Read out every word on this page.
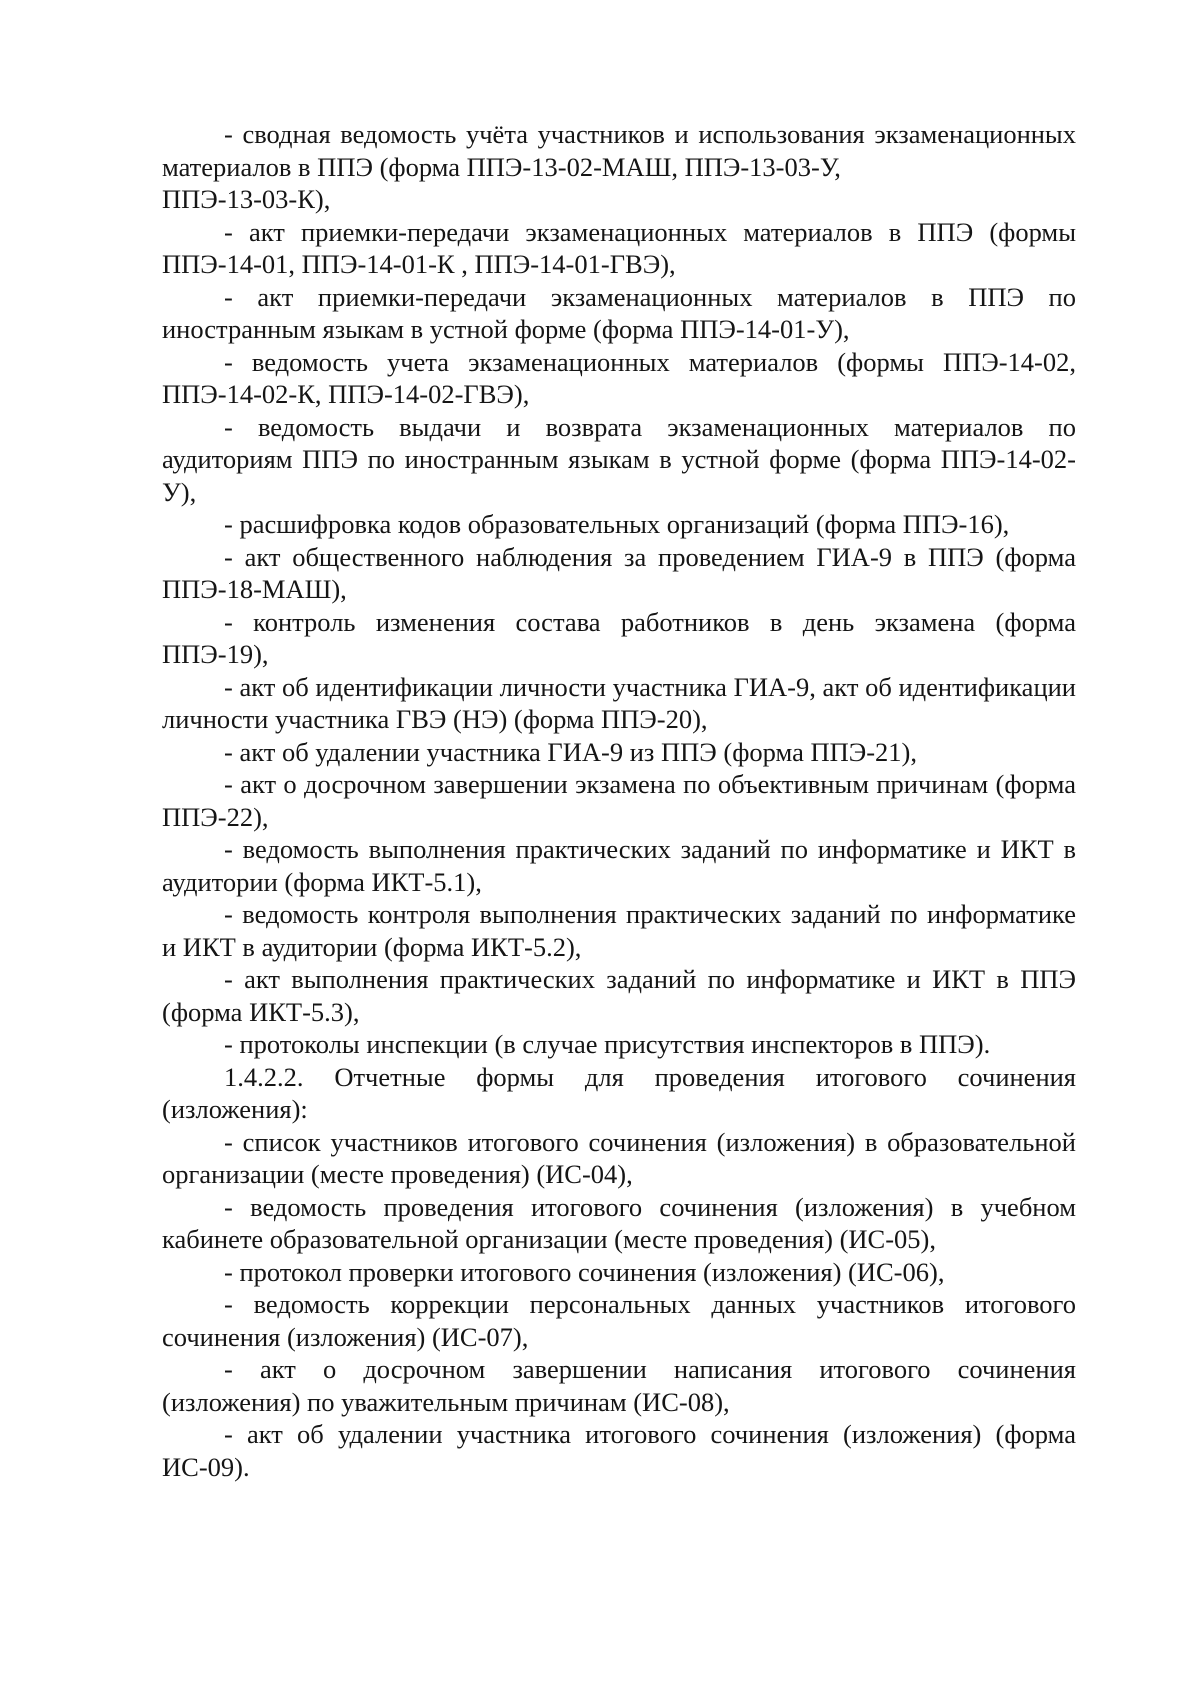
- сводная ведомость учёта участников и использования экзаменационных материалов в ППЭ (форма ППЭ-13-02-МАШ, ППЭ-13-03-У,

ППЭ-13-03-К),

- акт приемки-передачи экзаменационных материалов в ППЭ (формы ППЭ-14-01, ППЭ-14-01-К , ППЭ-14-01-ГВЭ),

- акт приемки-передачи экзаменационных материалов в ППЭ по иностранным языкам в устной форме (форма ППЭ-14-01-У),

- ведомость учета экзаменационных материалов (формы ППЭ-14-02, ППЭ-14-02-К, ППЭ-14-02-ГВЭ),

- ведомость выдачи и возврата экзаменационных материалов по аудиториям ППЭ по иностранным языкам в устной форме (форма ППЭ-14-02-У),

- расшифровка кодов образовательных организаций (форма ППЭ-16),

- акт общественного наблюдения за проведением ГИА-9 в ППЭ (форма ППЭ-18-МАШ),

- контроль изменения состава работников в день экзамена (форма ППЭ-19),

- акт об идентификации личности участника ГИА-9, акт об идентификации личности участника ГВЭ (НЭ) (форма ППЭ-20),

- акт об удалении участника ГИА-9 из ППЭ (форма ППЭ-21),

- акт о досрочном завершении экзамена по объективным причинам (форма ППЭ-22),

- ведомость выполнения практических заданий по информатике и ИКТ в аудитории (форма ИКТ-5.1),

- ведомость контроля выполнения практических заданий по информатике и ИКТ в аудитории (форма ИКТ-5.2),

- акт выполнения практических заданий по информатике и ИКТ в ППЭ (форма ИКТ-5.3),

- протоколы инспекции (в случае присутствия инспекторов в ППЭ).

1.4.2.2. Отчетные формы для проведения итогового сочинения (изложения):

- список участников итогового сочинения (изложения) в образовательной организации (месте проведения) (ИС-04),

- ведомость проведения итогового сочинения (изложения) в учебном кабинете образовательной организации (месте проведения) (ИС-05),

- протокол проверки итогового сочинения (изложения) (ИС-06),

- ведомость коррекции персональных данных участников итогового сочинения (изложения) (ИС-07),

- акт о досрочном завершении написания итогового сочинения (изложения) по уважительным причинам (ИС-08),

- акт об удалении участника итогового сочинения (изложения) (форма ИС-09).
